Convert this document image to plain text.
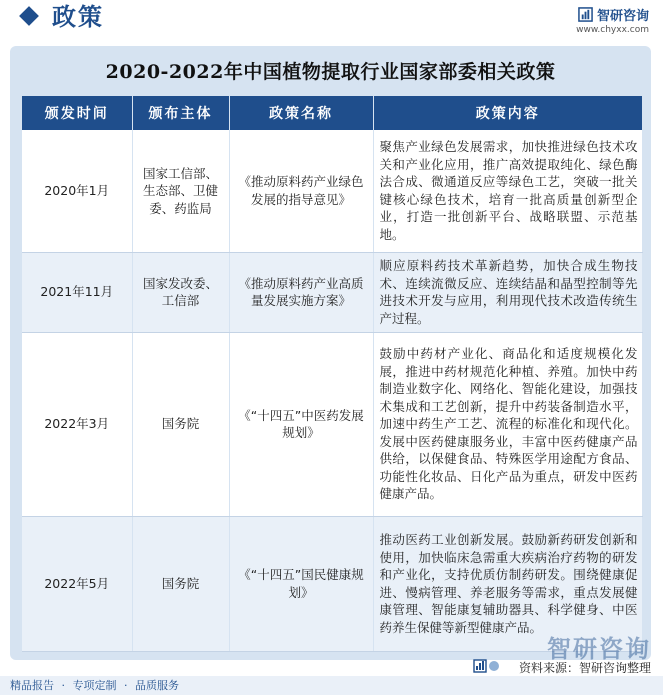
政策	智研咨询
www.chyxx.com
2020-2022年中国植物提取行业国家部委相关政策
颁发时间	颁布主体	政策名称	政策内容
2020年1月	国家工信部、生态部、卫健委、药监局	《推动原料药产业绿色发展的指导意见》	聚焦产业绿色发展需求，加快推进绿色技术攻关和产业化应用，推广高效提取纯化、绿色酶法合成、微通道反应等绿色工艺，突破一批关键核心绿色技术，培育一批高质量创新型企业，打造一批创新平台、战略联盟、示范基地。
2021年11月	国家发改委、工信部	《推动原料药产业高质量发展实施方案》	顺应原料药技术革新趋势，加快合成生物技术、连续流微反应、连续结晶和晶型控制等先进技术开发与应用，利用现代技术改造传统生产过程。
2022年3月	国务院	《“十四五”中医药发展规划》	鼓励中药材产业化、商品化和适度规模化发展，推进中药材规范化种植、养殖。加快中药制造业数字化、网络化、智能化建设，加强技术集成和工艺创新，提升中药装备制造水平，加速中药生产工艺、流程的标准化和现代化。发展中医药健康服务业，丰富中医药健康产品供给，以保健食品、特殊医学用途配方食品、功能性化妆品、日化产品为重点，研发中医药健康产品。
2022年5月	国务院	《“十四五”国民健康规划》	推动医药工业创新发展。鼓励新药研发创新和使用，加快临床急需重大疾病治疗药物的研发和产业化，支持优质仿制药研发。围绕健康促进、慢病管理、养老服务等需求，重点发展健康管理、智能康复辅助器具、科学健身、中医药养生保健等新型健康产品。
智研咨询
资料来源：智研咨询整理
精品报告 · 专项定制 · 品质服务
